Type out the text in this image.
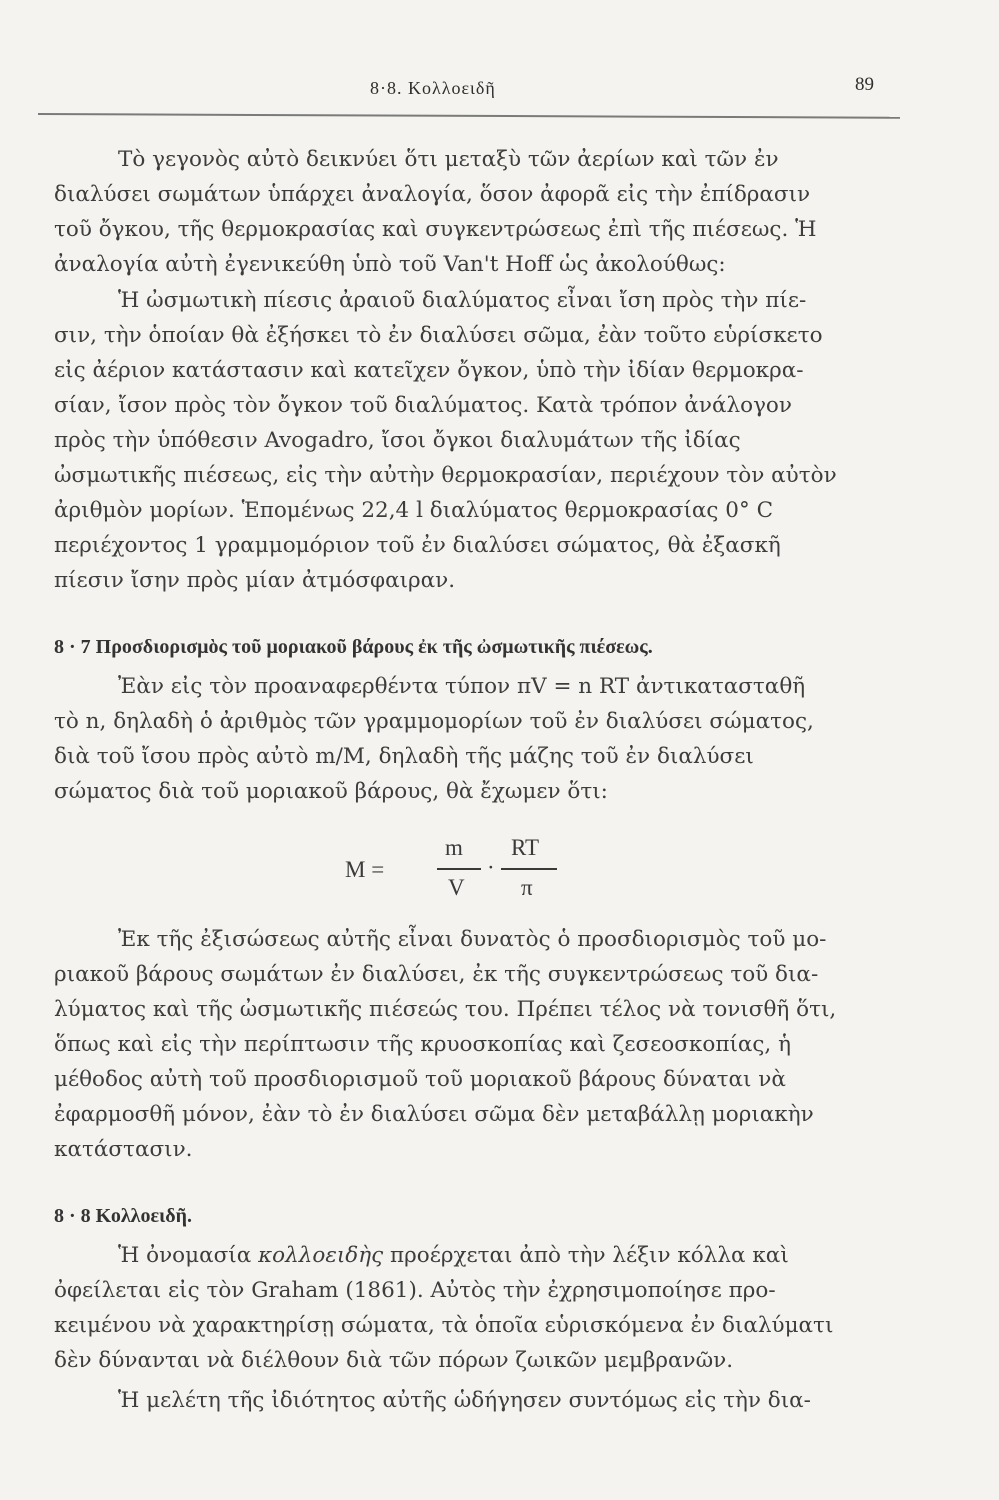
8·8. Κολλοειδῆ	89
Τὸ γεγονὸς αὐτὸ δεικνύει ὅτι μεταξὺ τῶν ἀερίων καὶ τῶν ἐν
διαλύσει σωμάτων ὑπάρχει ἀναλογία, ὅσον ἀφορᾶ εἰς τὴν ἐπίδρασιν
τοῦ ὄγκου, τῆς θερμοκρασίας καὶ συγκεντρώσεως ἐπὶ τῆς πιέσεως. Ἡ
ἀναλογία αὐτὴ ἐγενικεύθη ὑπὸ τοῦ Van't Hoff ὡς ἀκολούθως:
Ἡ ὠσμωτικὴ πίεσις ἀραιοῦ διαλύματος εἶναι ἴση πρὸς τὴν πίε-
σιν, τὴν ὁποίαν θὰ ἐξήσκει τὸ ἐν διαλύσει σῶμα, ἐὰν τοῦτο εὑρίσκετο
εἰς ἀέριον κατάστασιν καὶ κατεῖχεν ὄγκον, ὑπὸ τὴν ἰδίαν θερμοκρα-
σίαν, ἴσον πρὸς τὸν ὄγκον τοῦ διαλύματος. Κατὰ τρόπον ἀνάλογον
πρὸς τὴν ὑπόθεσιν Avogadro, ἴσοι ὄγκοι διαλυμάτων τῆς ἰδίας
ὠσμωτικῆς πιέσεως, εἰς τὴν αὐτὴν θερμοκρασίαν, περιέχουν τὸν αὐτὸν
ἀριθμὸν μορίων. Ἑπομένως 22,4 l διαλύματος θερμοκρασίας 0° C
περιέχοντος 1 γραμμομόριον τοῦ ἐν διαλύσει σώματος, θὰ ἐξασκῆ
πίεσιν ἴσην πρὸς μίαν ἀτμόσφαιραν.
8 · 7 Προσδιορισμὸς τοῦ μοριακοῦ βάρους ἐκ τῆς ὠσμωτικῆς πιέσεως.
Ἐὰν εἰς τὸν προαναφερθέντα τύπον πV = n RT ἀντικατασταθῆ
τὸ n, δηλαδὴ ὁ ἀριθμὸς τῶν γραμμομορίων τοῦ ἐν διαλύσει σώματος,
διὰ τοῦ ἴσου πρὸς αὐτὸ m/M, δηλαδὴ τῆς μάζης τοῦ ἐν διαλύσει
σώματος διὰ τοῦ μοριακοῦ βάρους, θὰ ἔχωμεν ὅτι:
M =
m
V
·
RT
π
Ἐκ τῆς ἐξισώσεως αὐτῆς εἶναι δυνατὸς ὁ προσδιορισμὸς τοῦ μο-
ριακοῦ βάρους σωμάτων ἐν διαλύσει, ἐκ τῆς συγκεντρώσεως τοῦ δια-
λύματος καὶ τῆς ὠσμωτικῆς πιέσεώς του. Πρέπει τέλος νὰ τονισθῆ ὅτι,
ὅπως καὶ εἰς τὴν περίπτωσιν τῆς κρυοσκοπίας καὶ ζεσεοσκοπίας, ἡ
μέθοδος αὐτὴ τοῦ προσδιορισμοῦ τοῦ μοριακοῦ βάρους δύναται νὰ
ἐφαρμοσθῆ μόνον, ἐὰν τὸ ἐν διαλύσει σῶμα δὲν μεταβάλλῃ μοριακὴν
κατάστασιν.
8 · 8 Κολλοειδῆ.
Ἡ ὀνομασία κολλοειδὴς προέρχεται ἀπὸ τὴν λέξιν κόλλα καὶ
ὀφείλεται εἰς τὸν Graham (1861). Αὐτὸς τὴν ἐχρησιμοποίησε προ-
κειμένου νὰ χαρακτηρίσῃ σώματα, τὰ ὁποῖα εὑρισκόμενα ἐν διαλύματι
δὲν δύνανται νὰ διέλθουν διὰ τῶν πόρων ζωικῶν μεμβρανῶν.
Ἡ μελέτη τῆς ἰδιότητος αὐτῆς ὡδήγησεν συντόμως εἰς τὴν δια-
